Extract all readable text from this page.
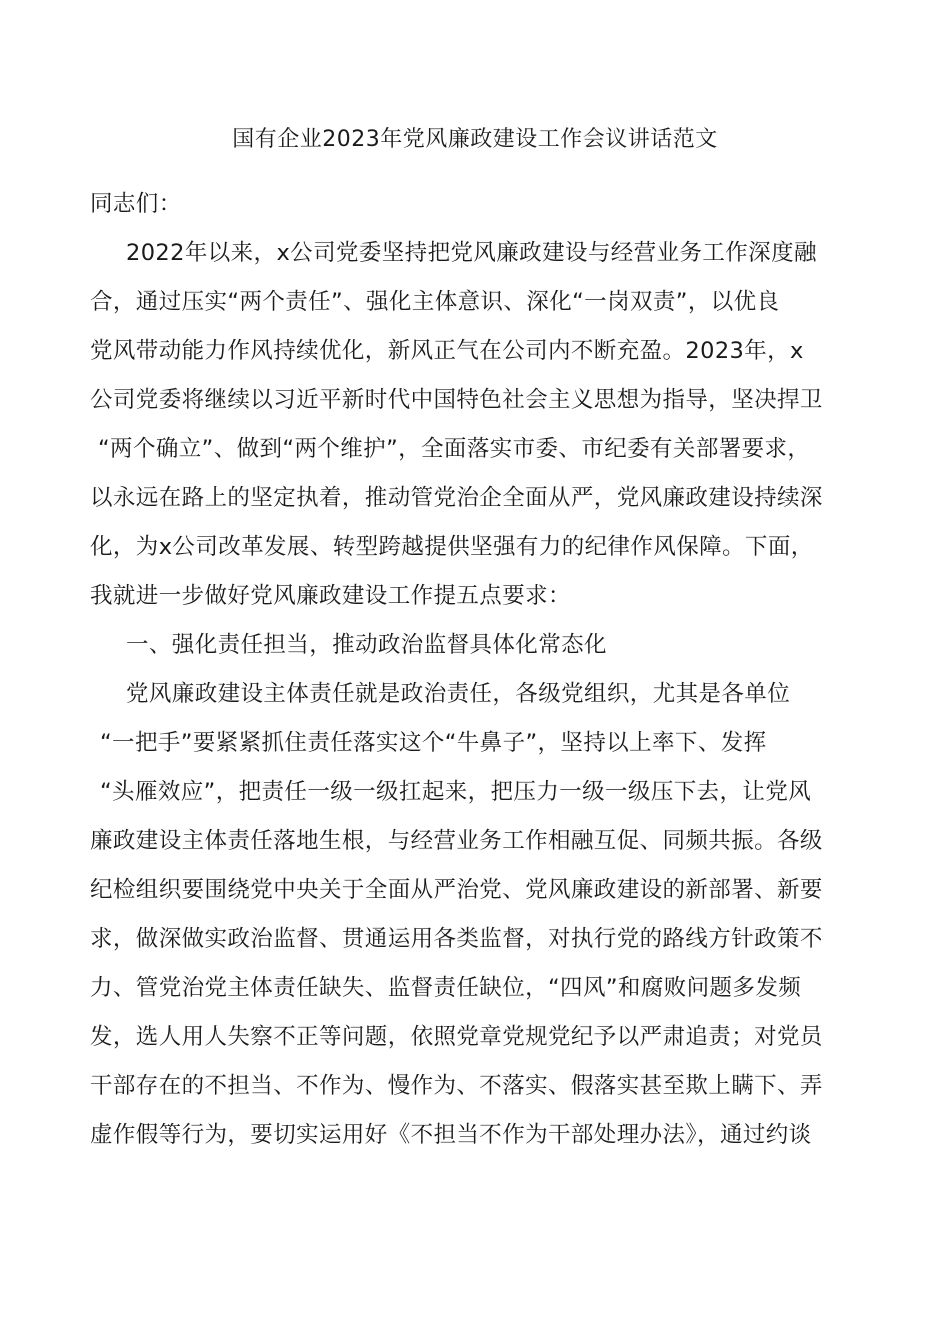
国有企业2023年党风廉政建设工作会议讲话范文
同志们：
2022年以来，x公司党委坚持把党风廉政建设与经营业务工作深度融
合，通过压实“两个责任”、强化主体意识、深化“一岗双责”，以优良
党风带动能力作风持续优化，新风正气在公司内不断充盈。2023年，x
公司党委将继续以习近平新时代中国特色社会主义思想为指导，坚决捍卫
“两个确立”、做到“两个维护”，全面落实市委、市纪委有关部署要求，
以永远在路上的坚定执着，推动管党治企全面从严，党风廉政建设持续深
化，为x公司改革发展、转型跨越提供坚强有力的纪律作风保障。下面，
我就进一步做好党风廉政建设工作提五点要求：
一、强化责任担当，推动政治监督具体化常态化
党风廉政建设主体责任就是政治责任，各级党组织，尤其是各单位
“一把手”要紧紧抓住责任落实这个“牛鼻子”，坚持以上率下、发挥
“头雁效应”，把责任一级一级扛起来，把压力一级一级压下去，让党风
廉政建设主体责任落地生根，与经营业务工作相融互促、同频共振。各级
纪检组织要围绕党中央关于全面从严治党、党风廉政建设的新部署、新要
求，做深做实政治监督、贯通运用各类监督，对执行党的路线方针政策不
力、管党治党主体责任缺失、监督责任缺位，“四风”和腐败问题多发频
发，选人用人失察不正等问题，依照党章党规党纪予以严肃追责；对党员
干部存在的不担当、不作为、慢作为、不落实、假落实甚至欺上瞒下、弄
虚作假等行为，要切实运用好《不担当不作为干部处理办法》，通过约谈
